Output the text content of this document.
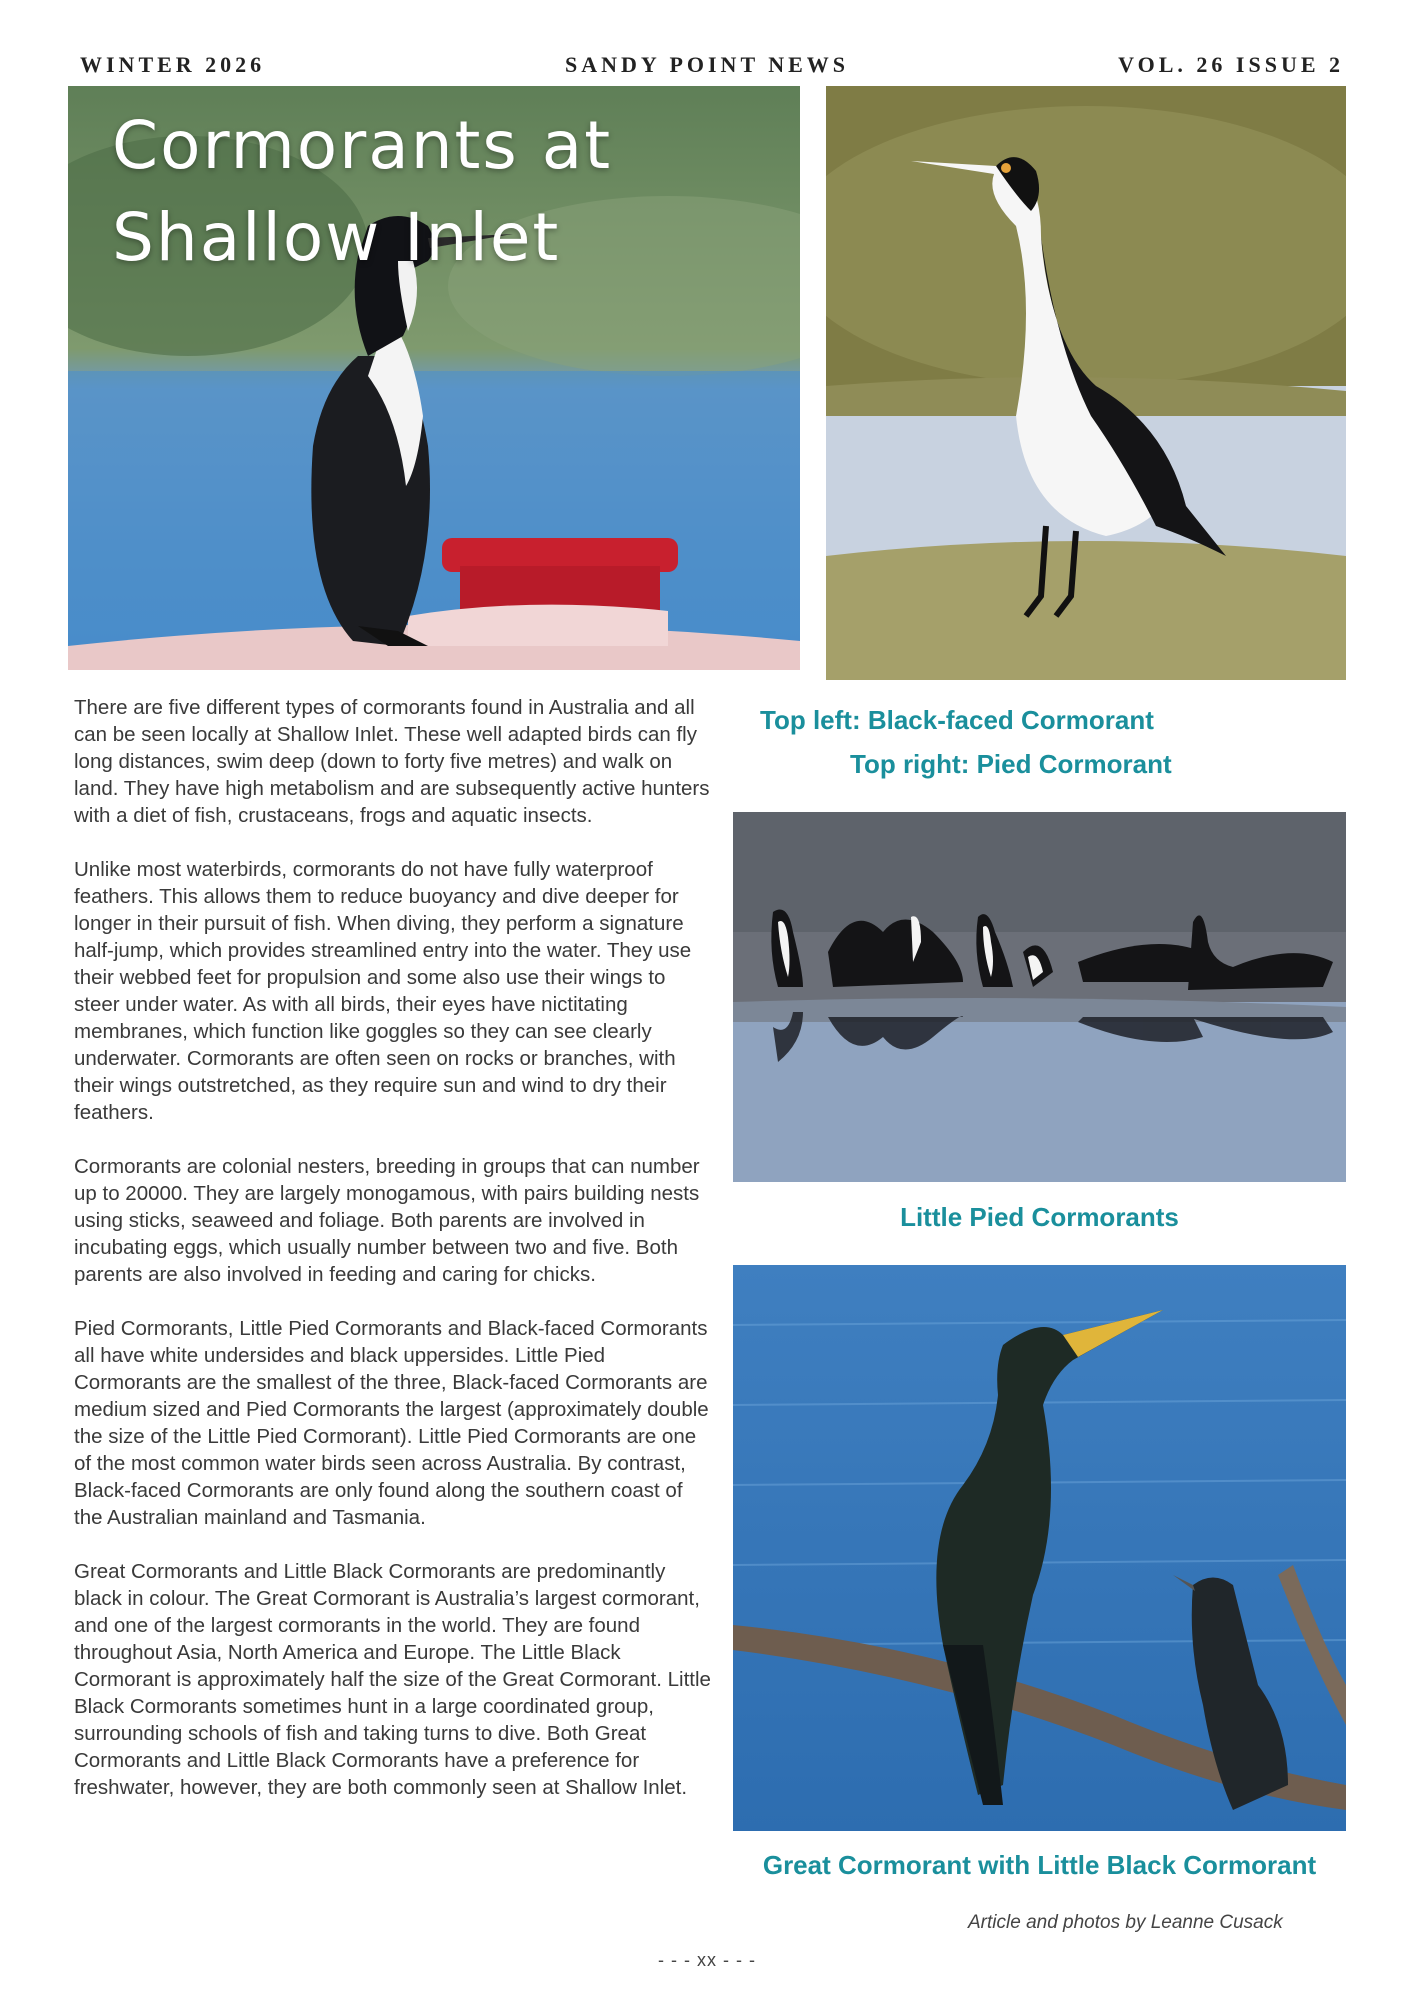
WINTER 2026	SANDY POINT NEWS	VOL. 26 ISSUE 2
Cormorants at Shallow Inlet
Top left: Black-faced Cormorant
Top right: Pied Cormorant
Little Pied Cormorants
Great Cormorant with Little Black Cormorant

There are five different types of cormorants found in Australia and all can be seen locally at Shallow Inlet. These well adapted birds can fly long distances, swim deep (down to forty five metres) and walk on land. They have high metabolism and are subsequently active hunters with a diet of fish, crustaceans, frogs and aquatic insects.

Unlike most waterbirds, cormorants do not have fully waterproof feathers. This allows them to reduce buoyancy and dive deeper for longer in their pursuit of fish. When diving, they perform a signature half-jump, which provides streamlined entry into the water. They use their webbed feet for propulsion and some also use their wings to steer under water. As with all birds, their eyes have nictitating membranes, which function like goggles so they can see clearly underwater. Cormorants are often seen on rocks or branches, with their wings outstretched, as they require sun and wind to dry their feathers.

Cormorants are colonial nesters, breeding in groups that can number up to 20000. They are largely monogamous, with pairs building nests using sticks, seaweed and foliage. Both parents are involved in incubating eggs, which usually number between two and five. Both parents are also involved in feeding and caring for chicks.

Pied Cormorants, Little Pied Cormorants and Black-faced Cormorants all have white undersides and black uppersides. Little Pied Cormorants are the smallest of the three, Black-faced Cormorants are medium sized and Pied Cormorants the largest (approximately double the size of the Little Pied Cormorant). Little Pied Cormorants are one of the most common water birds seen across Australia. By contrast, Black-faced Cormorants are only found along the southern coast of the Australian mainland and Tasmania.

Great Cormorants and Little Black Cormorants are predominantly black in colour. The Great Cormorant is Australia’s largest cormorant, and one of the largest cormorants in the world. They are found throughout Asia, North America and Europe. The Little Black Cormorant is approximately half the size of the Great Cormorant. Little Black Cormorants sometimes hunt in a large coordinated group, surrounding schools of fish and taking turns to dive. Both Great Cormorants and Little Black Cormorants have a preference for freshwater, however, they are both commonly seen at Shallow Inlet.

Article and photos by Leanne Cusack
- - - xx - - -
